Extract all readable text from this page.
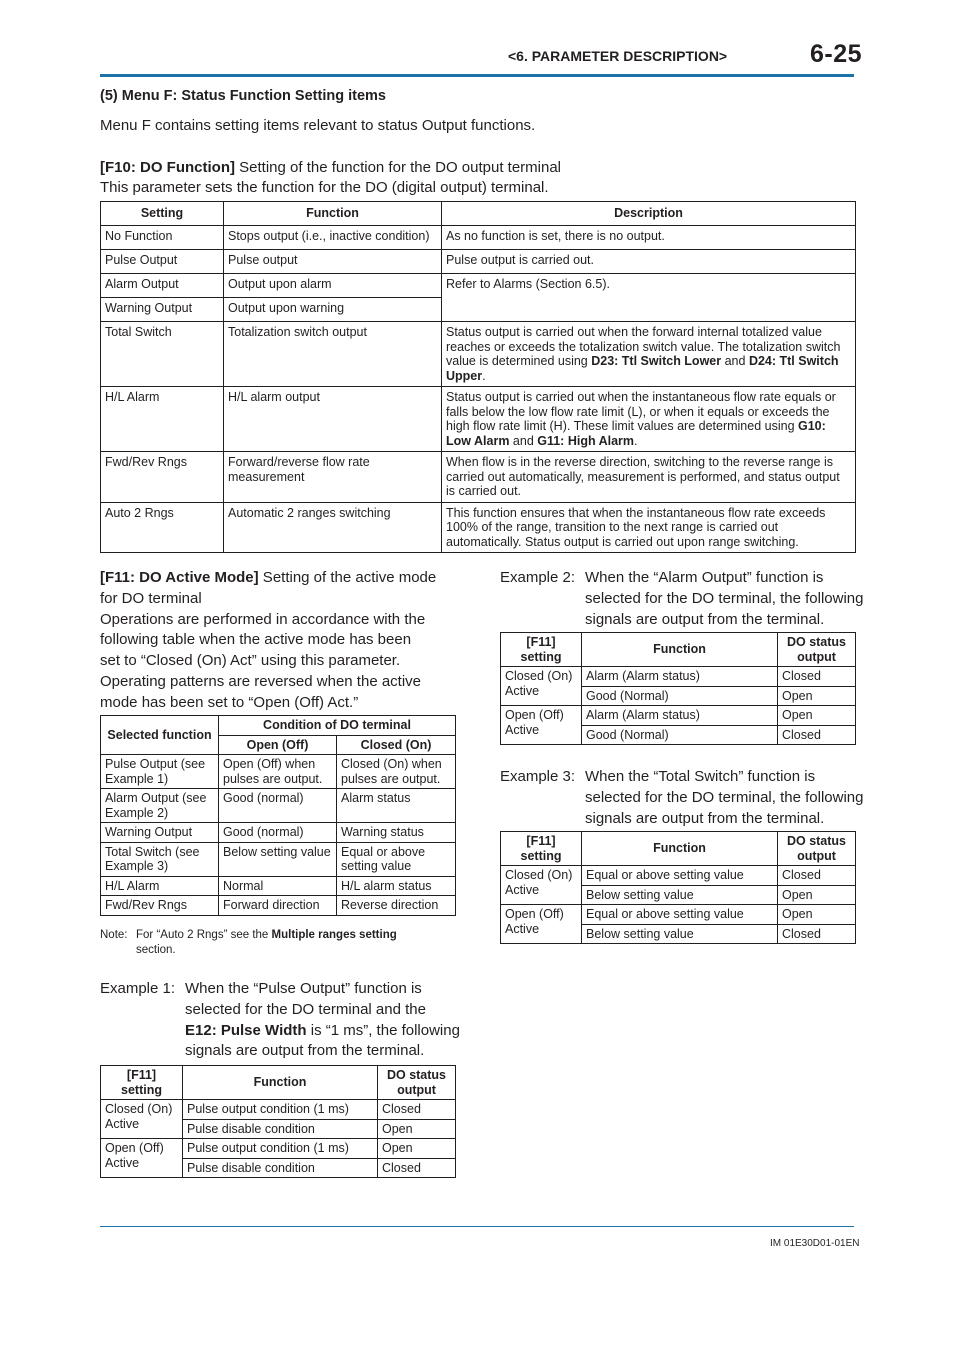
<6. PARAMETER DESCRIPTION>	6-25
(5) Menu F: Status Function Setting items
Menu F contains setting items relevant to status Output functions.
[F10: DO Function] Setting of the function for the DO output terminal
This parameter sets the function for the DO (digital output) terminal.
Setting	Function	Description
No Function	Stops output (i.e., inactive condition)	As no function is set, there is no output.
Pulse Output	Pulse output	Pulse output is carried out.
Alarm Output	Output upon alarm	Refer to Alarms (Section 6.5).
Warning Output	Output upon warning	
Total Switch	Totalization switch output	Status output is carried out when the forward internal totalized value reaches or exceeds the totalization switch value. The totalization switch value is determined using D23: Ttl Switch Lower and D24: Ttl Switch Upper.
H/L Alarm	H/L alarm output	Status output is carried out when the instantaneous flow rate equals or falls below the low flow rate limit (L), or when it equals or exceeds the high flow rate limit (H). These limit values are determined using G10: Low Alarm and G11: High Alarm.
Fwd/Rev Rngs	Forward/reverse flow rate measurement	When flow is in the reverse direction, switching to the reverse range is carried out automatically, measurement is performed, and status output is carried out.
Auto 2 Rngs	Automatic 2 ranges switching	This function ensures that when the instantaneous flow rate exceeds 100% of the range, transition to the next range is carried out automatically. Status output is carried out upon range switching.
[F11: DO Active Mode] Setting of the active mode
for DO terminal
Operations are performed in accordance with the
following table when the active mode has been
set to “Closed (On) Act” using this parameter.
Operating patterns are reversed when the active
mode has been set to “Open (Off) Act.”
Selected function	Condition of DO terminal	
	Open (Off)	Closed (On)
Pulse Output (see Example 1)	Open (Off) when pulses are output.	Closed (On) when pulses are output.
Alarm Output (see Example 2)	Good (normal)	Alarm status
Warning Output	Good (normal)	Warning status
Total Switch (see Example 3)	Below setting value	Equal or above setting value
H/L Alarm	Normal	H/L alarm status
Fwd/Rev Rngs	Forward direction	Reverse direction
Note: For “Auto 2 Rngs” see the Multiple ranges setting
section.
Example 1: When the “Pulse Output” function is
selected for the DO terminal and the
E12: Pulse Width is “1 ms”, the following
signals are output from the terminal.
[F11] setting	Function	DO status output
Closed (On) Active	Pulse output condition (1 ms)	Closed
	Pulse disable condition	Open
Open (Off) Active	Pulse output condition (1 ms)	Open
	Pulse disable condition	Closed
Example 2: When the “Alarm Output” function is
selected for the DO terminal, the following
signals are output from the terminal.
[F11] setting	Function	DO status output
Closed (On) Active	Alarm (Alarm status)	Closed
	Good (Normal)	Open
Open (Off) Active	Alarm (Alarm status)	Open
	Good (Normal)	Closed
Example 3: When the “Total Switch” function is
selected for the DO terminal, the following
signals are output from the terminal.
[F11] setting	Function	DO status output
Closed (On) Active	Equal or above setting value	Closed
	Below setting value	Open
Open (Off) Active	Equal or above setting value	Open
	Below setting value	Closed
IM 01E30D01-01EN
